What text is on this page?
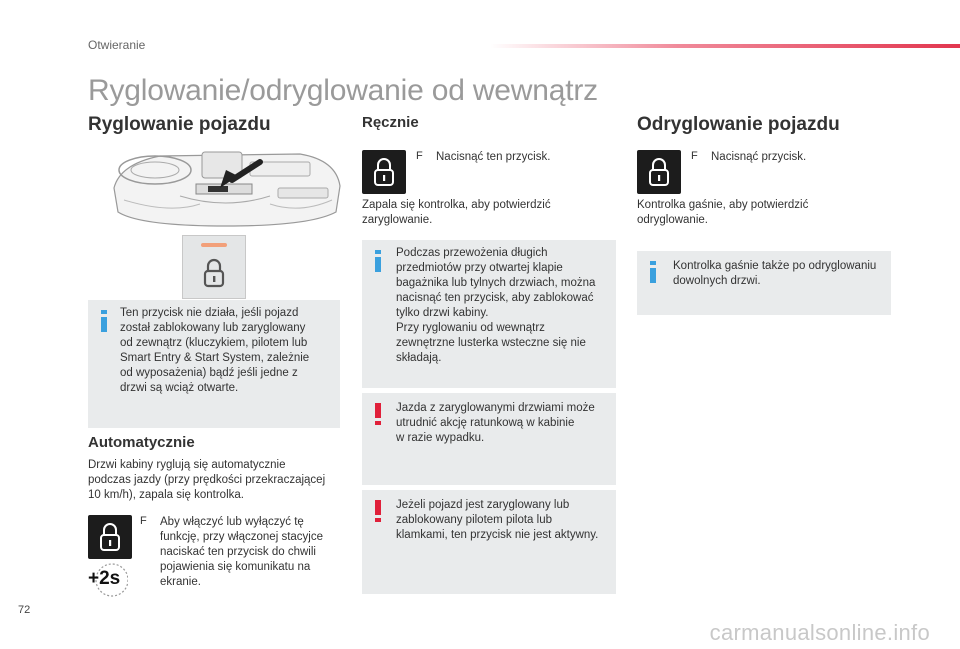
Otwieranie
Ryglowanie/odryglowanie od wewnątrz
Ryglowanie pojazdu
Ten przycisk nie działa, jeśli pojazd
został zablokowany lub zaryglowany
od zewnątrz (kluczykiem, pilotem lub
Smart Entry & Start System, zależnie
od wyposażenia) bądź jeśli jedne z
drzwi są wciąż otwarte.
Automatycznie
Drzwi kabiny ryglują się automatycznie
podczas jazdy (przy prędkości przekraczającej
10 km/h), zapala się kontrolka.
+2s
F Aby włączyć lub wyłączyć tę
funkcję, przy włączonej stacyjce
naciskać ten przycisk do chwili
pojawienia się komunikatu na
ekranie.
Ręcznie
F Nacisnąć ten przycisk.
Zapala się kontrolka, aby potwierdzić
zaryglowanie.
Podczas przewożenia długich
przedmiotów przy otwartej klapie
bagażnika lub tylnych drzwiach, można
nacisnąć ten przycisk, aby zablokować
tylko drzwi kabiny.
Przy ryglowaniu od wewnątrz
zewnętrzne lusterka wsteczne się nie
składają.
Jazda z zaryglowanymi drzwiami może
utrudnić akcję ratunkową w kabinie
w razie wypadku.
Jeżeli pojazd jest zaryglowany lub
zablokowany pilotem pilota lub
klamkami, ten przycisk nie jest aktywny.
Odryglowanie pojazdu
F Nacisnąć przycisk.
Kontrolka gaśnie, aby potwierdzić
odryglowanie.
Kontrolka gaśnie także po odryglowaniu
dowolnych drzwi.
72
carmanualsonline.info
